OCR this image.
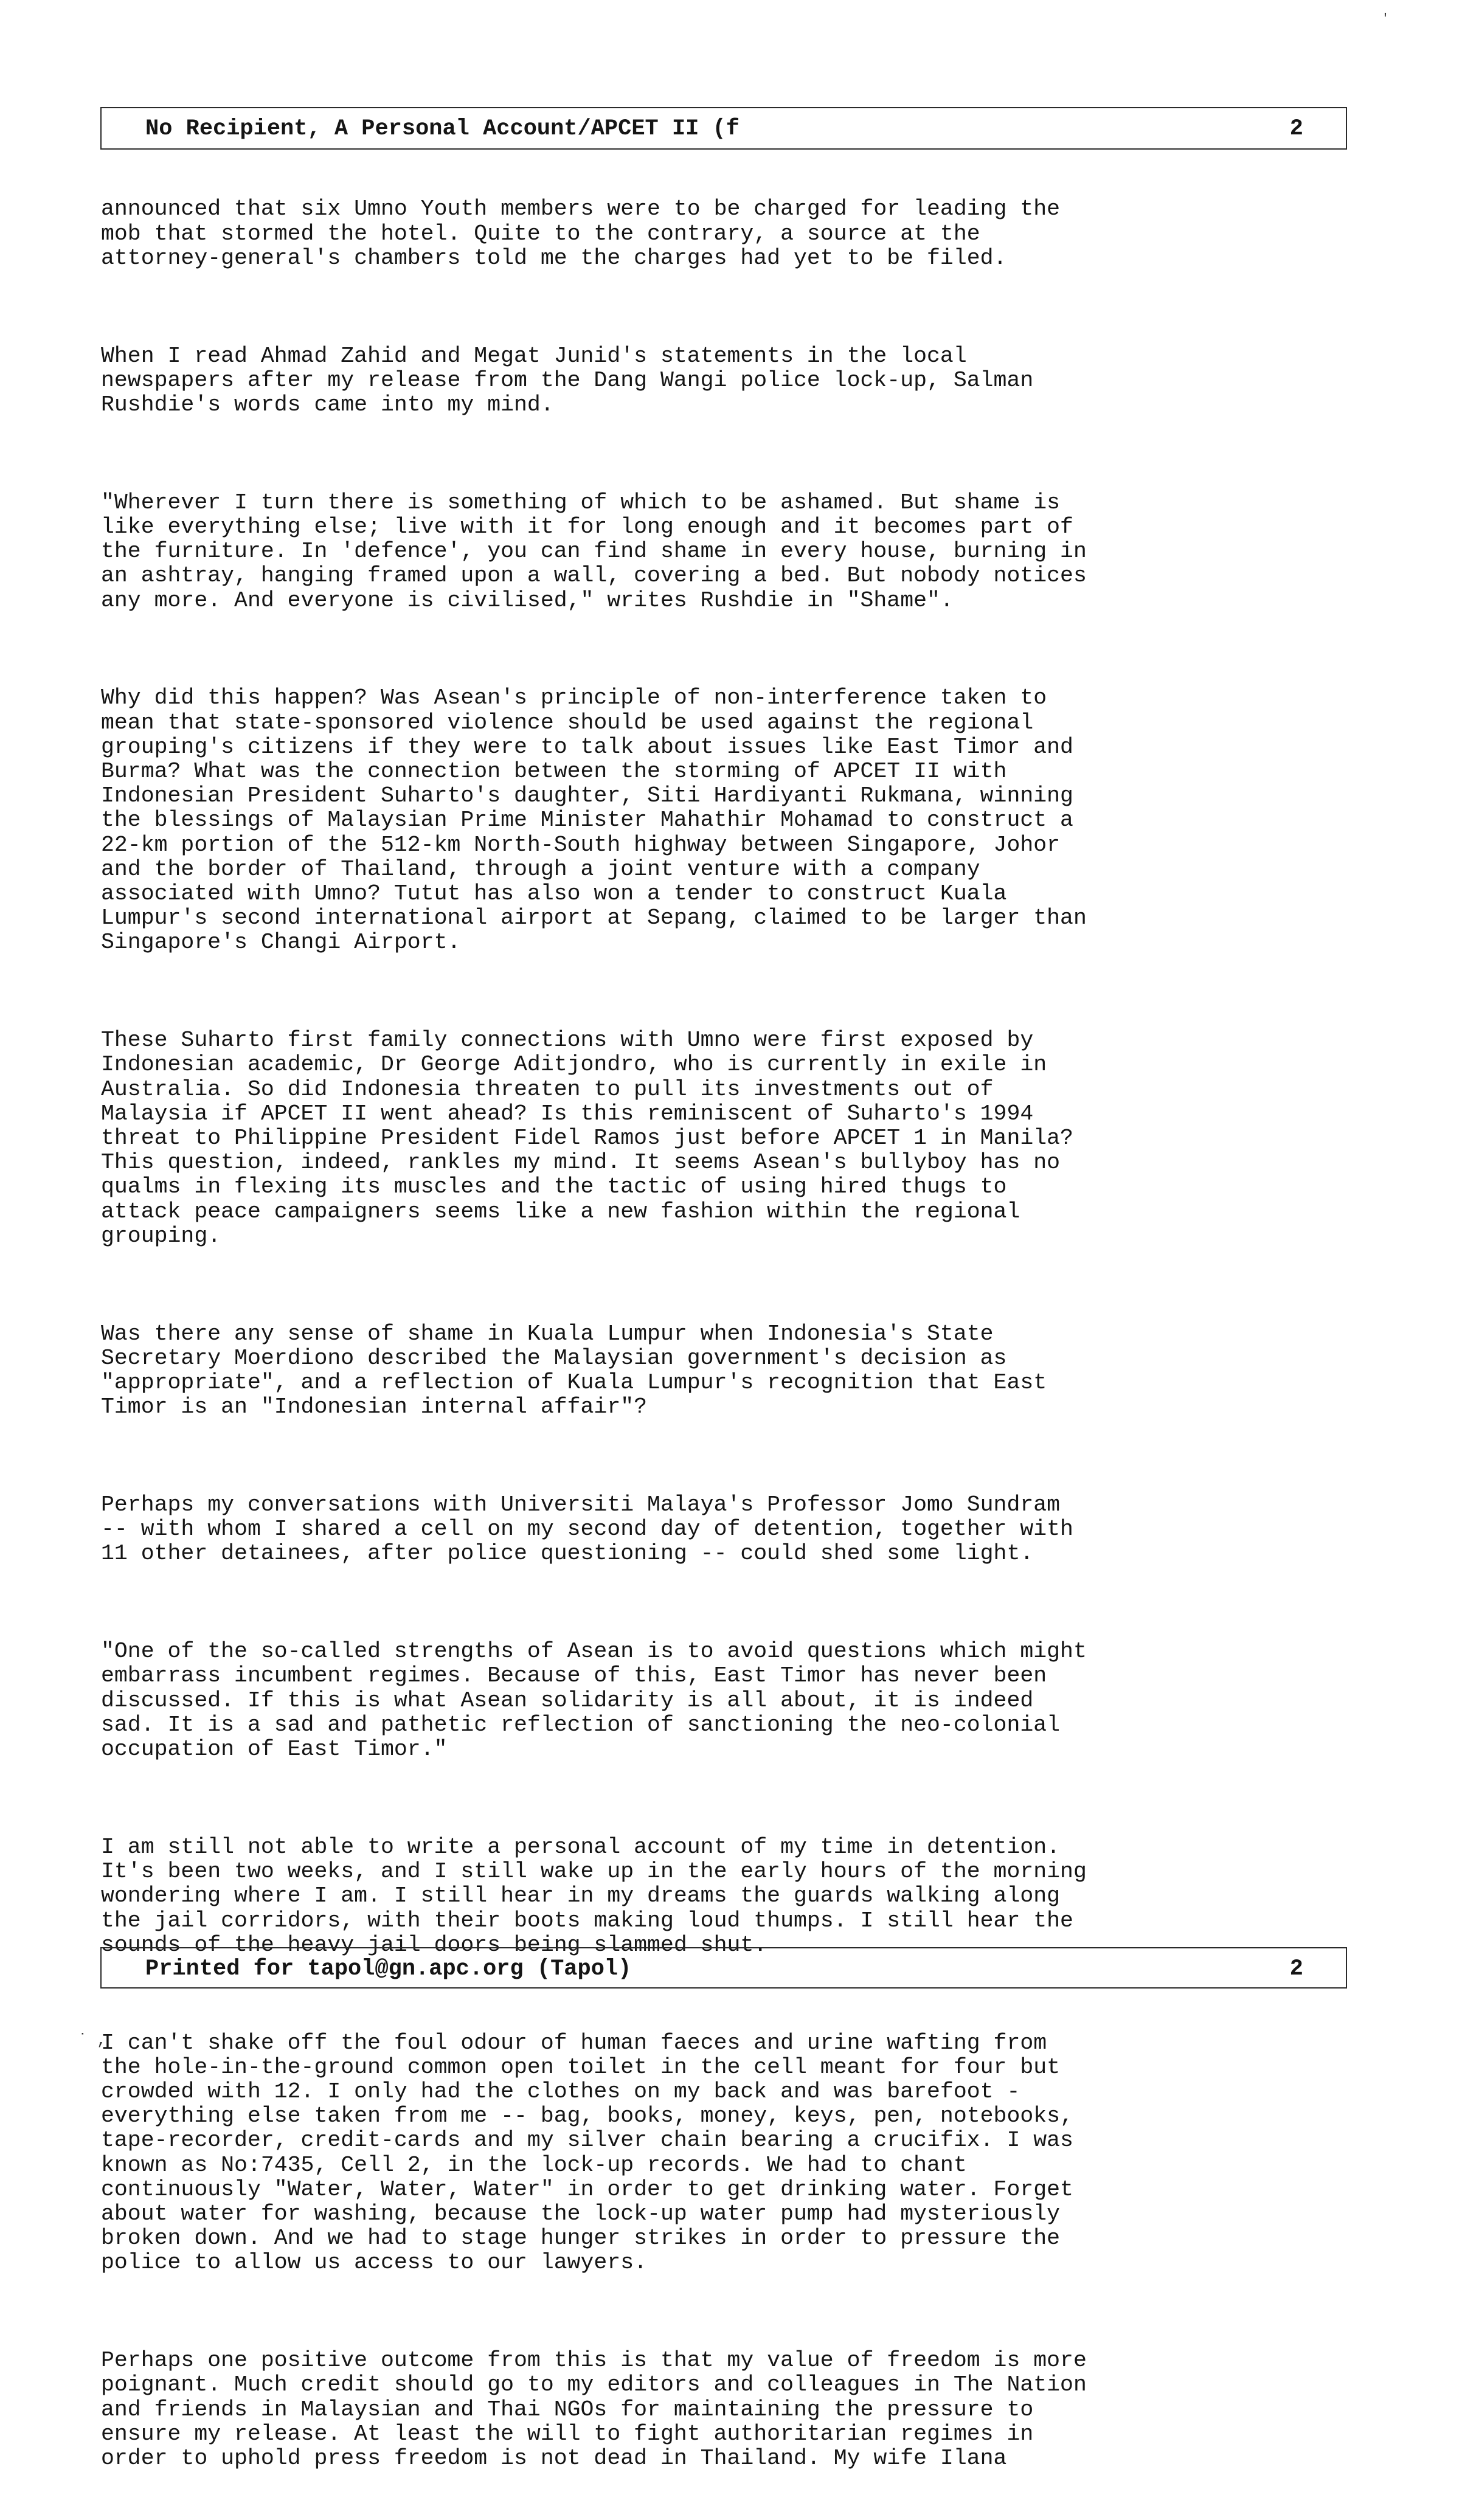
No Recipient, A Personal Account/APCET II (f	2

announced that six Umno Youth members were to be charged for leading the
mob that stormed the hotel. Quite to the contrary, a source at the
attorney-general's chambers told me the charges had yet to be filed.

When I read Ahmad Zahid and Megat Junid's statements in the local
newspapers after my release from the Dang Wangi police lock-up, Salman
Rushdie's words came into my mind.

"Wherever I turn there is something of which to be ashamed. But shame is
like everything else; live with it for long enough and it becomes part of
the furniture. In 'defence', you can find shame in every house, burning in
an ashtray, hanging framed upon a wall, covering a bed. But nobody notices
any more. And everyone is civilised," writes Rushdie in "Shame".

Why did this happen? Was Asean's principle of non-interference taken to
mean that state-sponsored violence should be used against the regional
grouping's citizens if they were to talk about issues like East Timor and
Burma? What was the connection between the storming of APCET II with
Indonesian President Suharto's daughter, Siti Hardiyanti Rukmana, winning
the blessings of Malaysian Prime Minister Mahathir Mohamad to construct a
22-km portion of the 512-km North-South highway between Singapore, Johor
and the border of Thailand, through a joint venture with a company
associated with Umno? Tutut has also won a tender to construct Kuala
Lumpur's second international airport at Sepang, claimed to be larger than
Singapore's Changi Airport.

These Suharto first family connections with Umno were first exposed by
Indonesian academic, Dr George Aditjondro, who is currently in exile in
Australia. So did Indonesia threaten to pull its investments out of
Malaysia if APCET II went ahead? Is this reminiscent of Suharto's 1994
threat to Philippine President Fidel Ramos just before APCET 1 in Manila?
This question, indeed, rankles my mind. It seems Asean's bullyboy has no
qualms in flexing its muscles and the tactic of using hired thugs to
attack peace campaigners seems like a new fashion within the regional
grouping.

Was there any sense of shame in Kuala Lumpur when Indonesia's State
Secretary Moerdiono described the Malaysian government's decision as
"appropriate", and a reflection of Kuala Lumpur's recognition that East
Timor is an "Indonesian internal affair"?

Perhaps my conversations with Universiti Malaya's Professor Jomo Sundram
-- with whom I shared a cell on my second day of detention, together with
11 other detainees, after police questioning -- could shed some light.

"One of the so-called strengths of Asean is to avoid questions which might
embarrass incumbent regimes. Because of this, East Timor has never been
discussed. If this is what Asean solidarity is all about, it is indeed
sad. It is a sad and pathetic reflection of sanctioning the neo-colonial
occupation of East Timor."

I am still not able to write a personal account of my time in detention.
It's been two weeks, and I still wake up in the early hours of the morning
wondering where I am. I still hear in my dreams the guards walking along
the jail corridors, with their boots making loud thumps. I still hear the
sounds of the heavy jail doors being slammed shut.

I can't shake off the foul odour of human faeces and urine wafting from
the hole-in-the-ground common open toilet in the cell meant for four but
crowded with 12. I only had the clothes on my back and was barefoot -
everything else taken from me -- bag, books, money, keys, pen, notebooks,
tape-recorder, credit-cards and my silver chain bearing a crucifix. I was
known as No:7435, Cell 2, in the lock-up records. We had to chant
continuously "Water, Water, Water" in order to get drinking water. Forget
about water for washing, because the lock-up water pump had mysteriously
broken down. And we had to stage hunger strikes in order to pressure the
police to allow us access to our lawyers.

Perhaps one positive outcome from this is that my value of freedom is more
poignant. Much credit should go to my editors and colleagues in The Nation
and friends in Malaysian and Thai NGOs for maintaining the pressure to
ensure my release. At least the will to fight authoritarian regimes in
order to uphold press freedom is not dead in Thailand. My wife Ilana

Printed for tapol@gn.apc.org (Tapol)	2
'
˙ ,
